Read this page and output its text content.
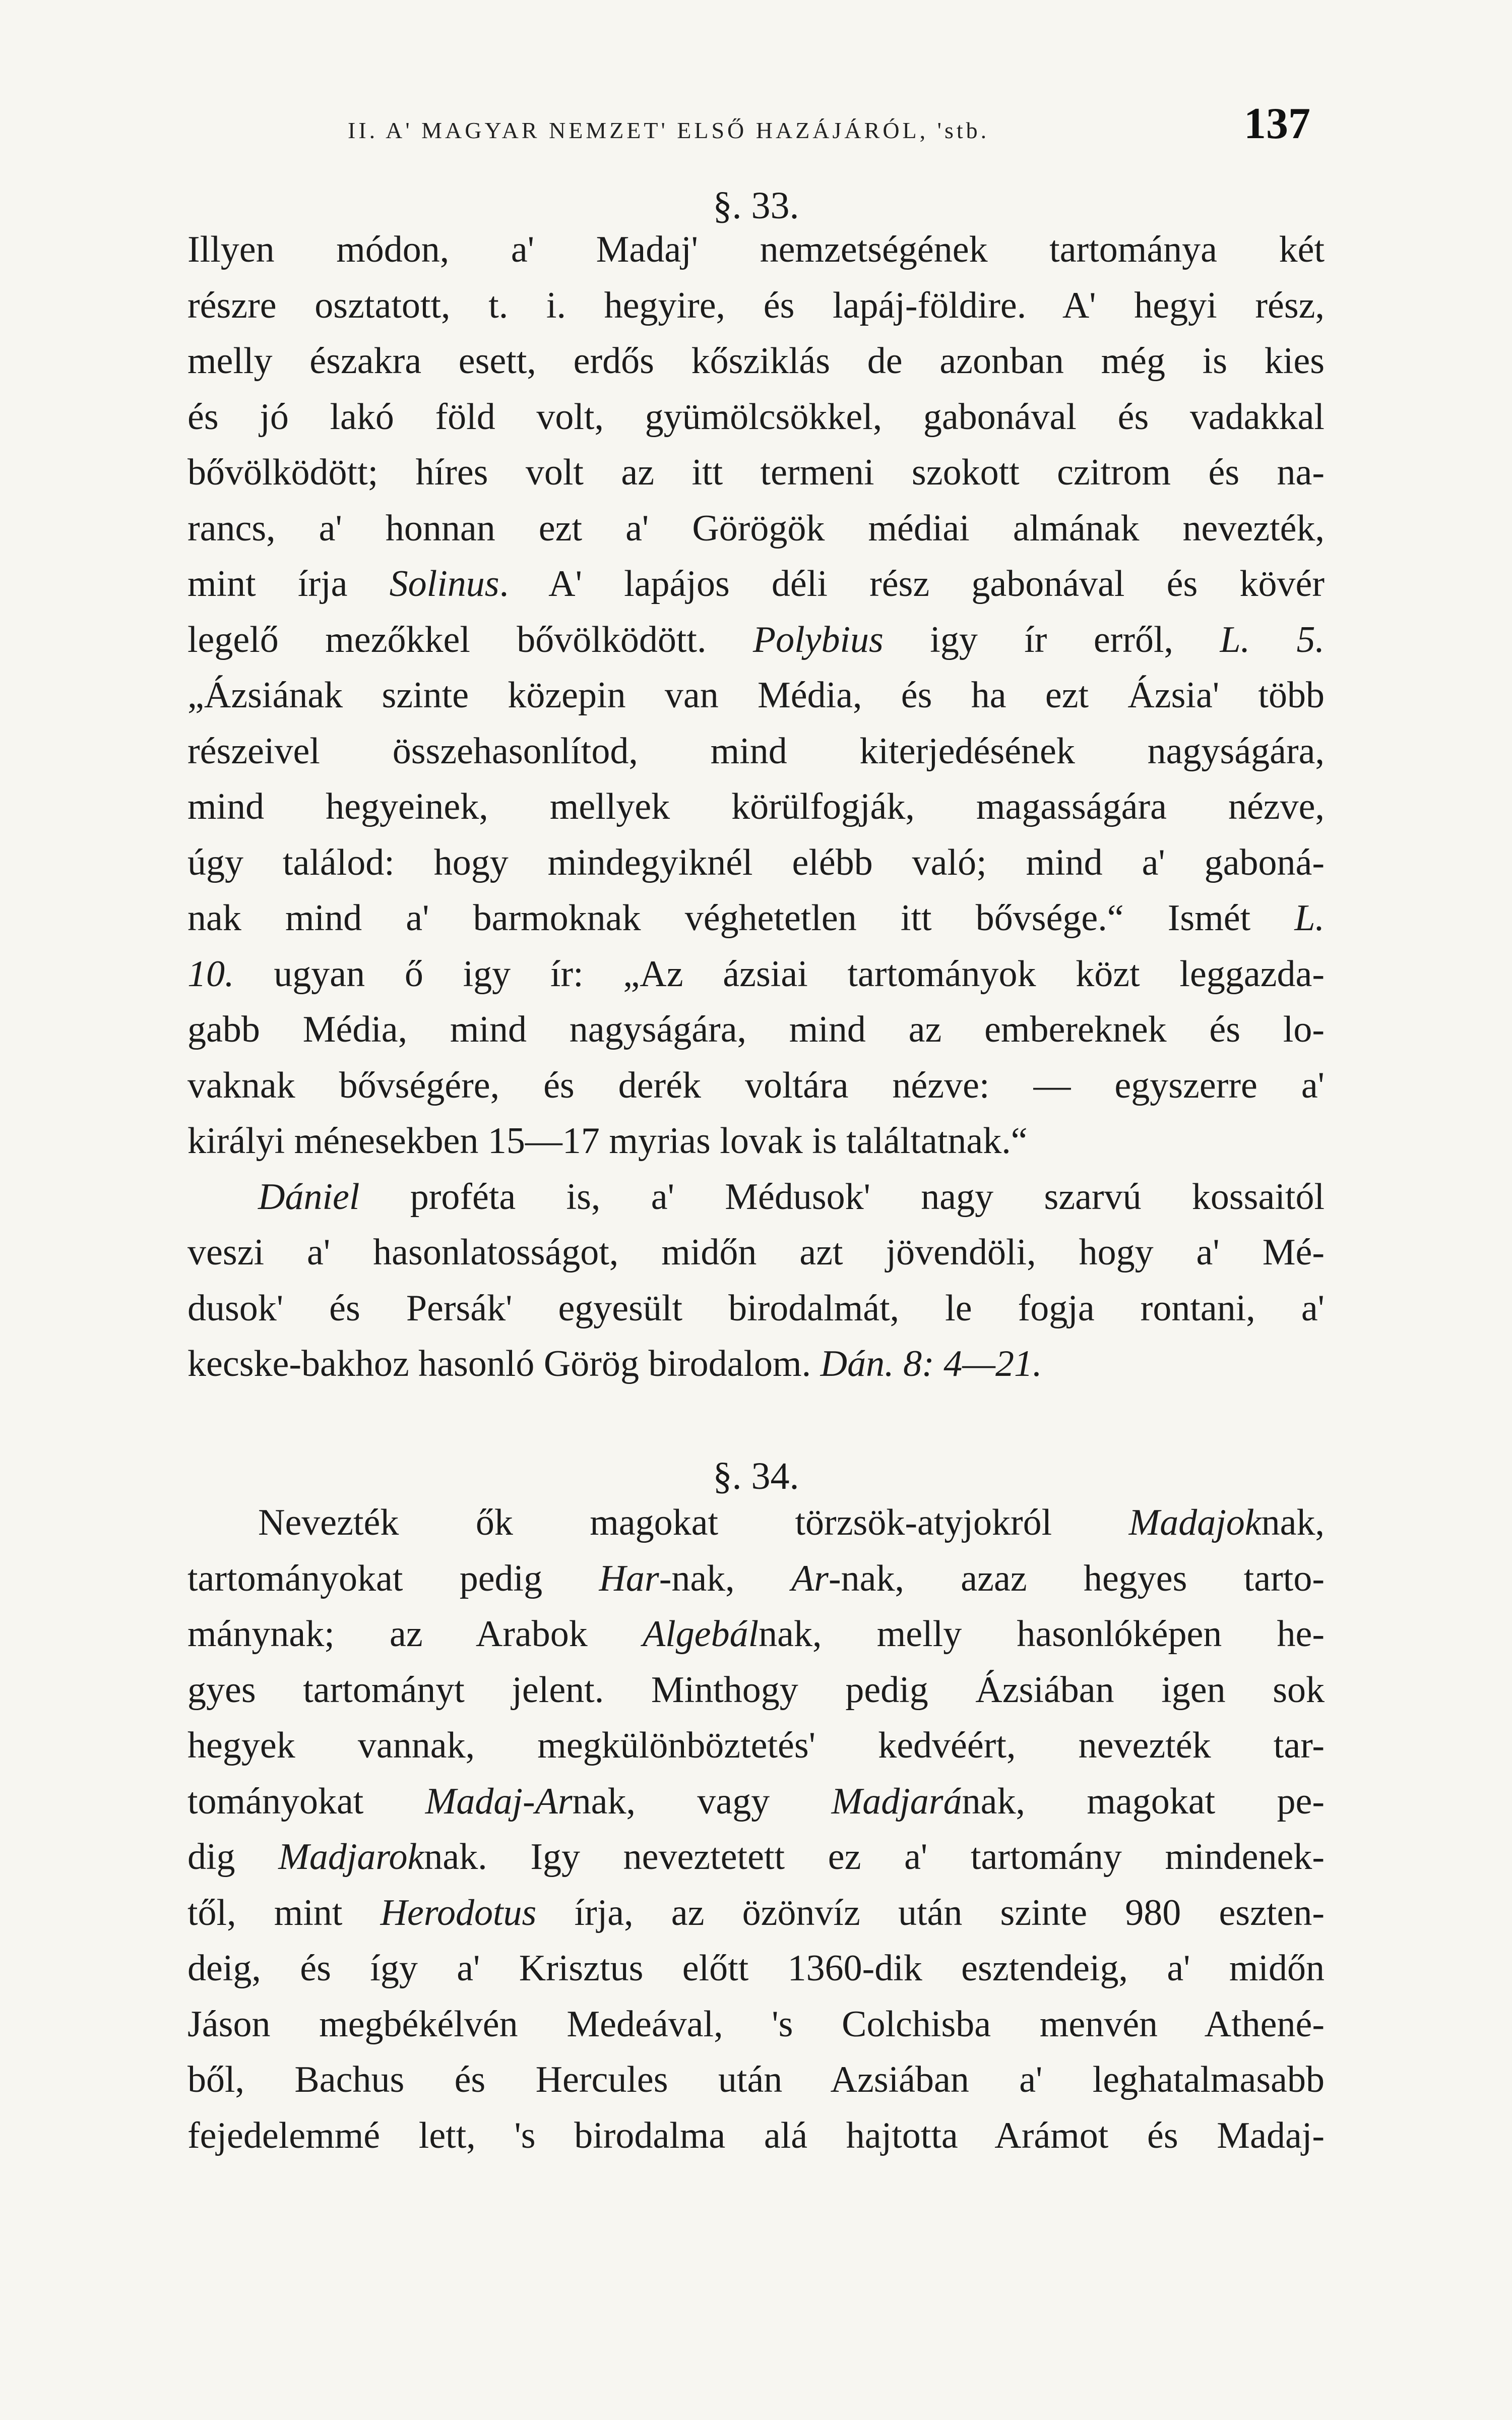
II. A' MAGYAR NEMZET' ELSŐ HAZÁJÁRÓL, 'stb.	137
§. 33.
Illyen módon, a' Madaj' nemzetségének tartománya két
részre osztatott, t. i. hegyire, és lapáj-földire. A' hegyi rész,
melly északra esett, erdős kősziklás de azonban még is kies
és jó lakó föld volt, gyümölcsökkel, gabonával és vadakkal
bővölködött; híres volt az itt termeni szokott czitrom és na-
rancs, a' honnan ezt a' Görögök médiai almának nevezték,
mint írja Solinus. A' lapájos déli rész gabonával és kövér
legelő mezőkkel bővölködött. Polybius igy ír erről, L. 5.
„Ázsiának szinte közepin van Média, és ha ezt Ázsia' több
részeivel összehasonlítod, mind kiterjedésének nagyságára,
mind hegyeinek, mellyek körülfogják, magasságára nézve,
úgy találod: hogy mindegyiknél elébb való; mind a' gaboná-
nak mind a' barmoknak véghetetlen itt bővsége.“ Ismét L.
10. ugyan ő igy ír: „Az ázsiai tartományok közt leggazda-
gabb Média, mind nagyságára, mind az embereknek és lo-
vaknak bővségére, és derék voltára nézve: — egyszerre a'
királyi ménesekben 15—17 myrias lovak is találtatnak.“
Dániel proféta is, a' Médusok' nagy szarvú kossaitól
veszi a' hasonlatosságot, midőn azt jövendöli, hogy a' Mé-
dusok' és Persák' egyesült birodalmát, le fogja rontani, a'
kecske-bakhoz hasonló Görög birodalom. Dán. 8: 4—21.
§. 34.
Nevezték ők magokat törzsök-atyjokról Madajoknak,
tartományokat pedig Har-nak, Ar-nak, azaz hegyes tarto-
mánynak; az Arabok Algebálnak, melly hasonlóképen he-
gyes tartományt jelent. Minthogy pedig Ázsiában igen sok
hegyek vannak, megkülönböztetés' kedvéért, nevezték tar-
tományokat Madaj-Arnak, vagy Madjarának, magokat pe-
dig Madjaroknak. Igy neveztetett ez a' tartomány mindenek-
től, mint Herodotus írja, az özönvíz után szinte 980 eszten-
deig, és így a' Krisztus előtt 1360-dik esztendeig, a' midőn
Jáson megbékélvén Medeával, 's Colchisba menvén Athené-
ből, Bachus és Hercules után Azsiában a' leghatalmasabb
fejedelemmé lett, 's birodalma alá hajtotta Arámot és Madaj-
